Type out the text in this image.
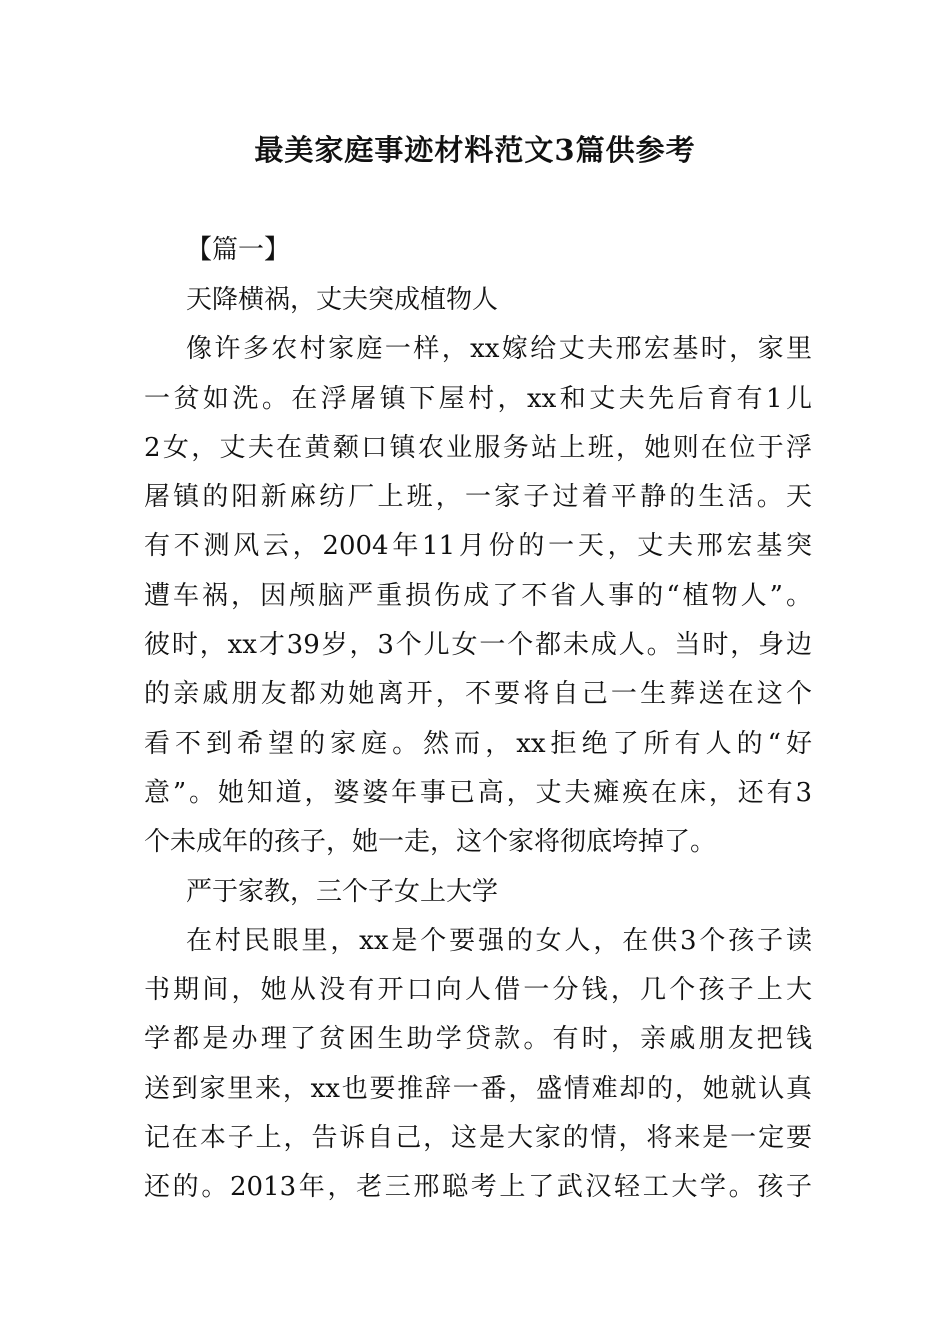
最美家庭事迹材料范文3篇供参考
【篇一】
天降横祸，丈夫突成植物人
像许多农村家庭一样，xx嫁给丈夫邢宏基时，家里
一贫如洗。在浮屠镇下屋村，xx和丈夫先后育有1儿
2女，丈夫在黄颡口镇农业服务站上班，她则在位于浮
屠镇的阳新麻纺厂上班，一家子过着平静的生活。天
有不测风云，2004年11月份的一天，丈夫邢宏基突
遭车祸，因颅脑严重损伤成了不省人事的“植物人”。
彼时，xx才39岁，3个儿女一个都未成人。当时，身边
的亲戚朋友都劝她离开，不要将自己一生葬送在这个
看不到希望的家庭。然而，xx拒绝了所有人的“好
意”。她知道，婆婆年事已高，丈夫瘫痪在床，还有3
个未成年的孩子，她一走，这个家将彻底垮掉了。
严于家教，三个子女上大学
在村民眼里，xx是个要强的女人，在供3个孩子读
书期间，她从没有开口向人借一分钱，几个孩子上大
学都是办理了贫困生助学贷款。有时，亲戚朋友把钱
送到家里来，xx也要推辞一番，盛情难却的，她就认真
记在本子上，告诉自己，这是大家的情，将来是一定要
还的。2013年，老三邢聪考上了武汉轻工大学。孩子
